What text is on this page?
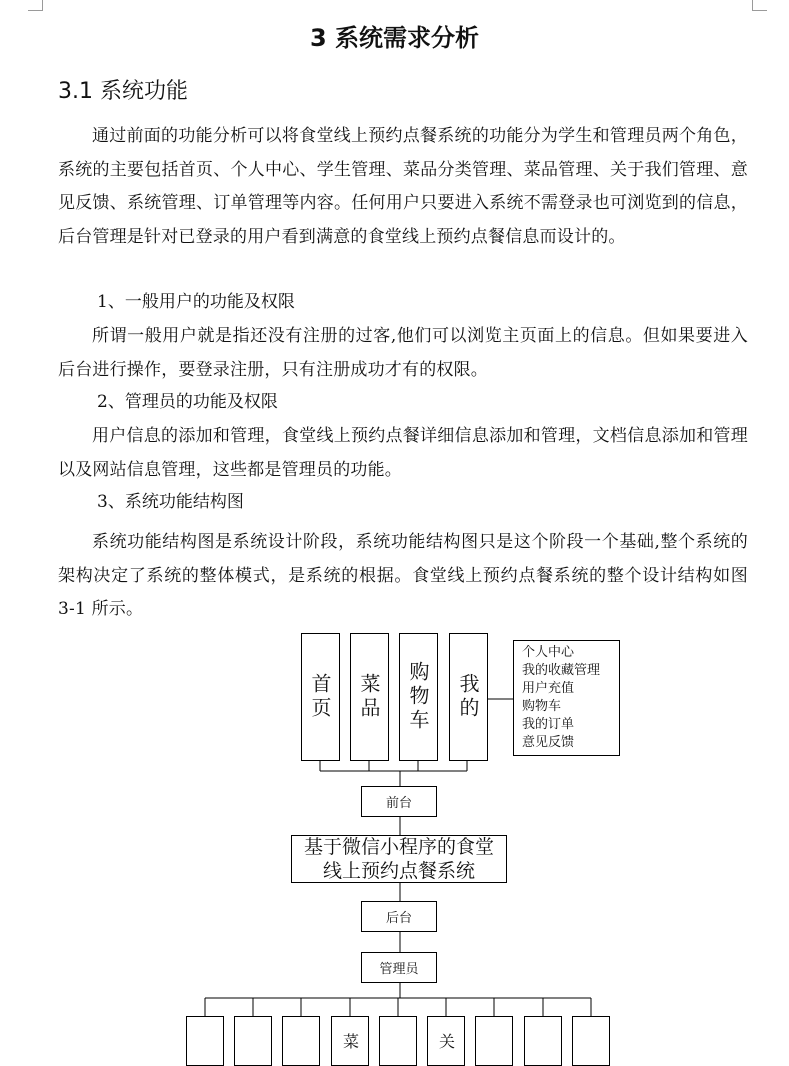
3 系统需求分析
3.1 系统功能

通过前面的功能分析可以将食堂线上预约点餐系统的功能分为学生和管理员两个角色，系统的主要包括首页、个人中心、学生管理、菜品分类管理、菜品管理、关于我们管理、意见反馈、系统管理、订单管理等内容。任何用户只要进入系统不需登录也可浏览到的信息，后台管理是针对已登录的用户看到满意的食堂线上预约点餐信息而设计的。

1、一般用户的功能及权限

所谓一般用户就是指还没有注册的过客,他们可以浏览主页面上的信息。但如果要进入后台进行操作，要登录注册，只有注册成功才有的权限。

2、管理员的功能及权限

用户信息的添加和管理，食堂线上预约点餐详细信息添加和管理，文档信息添加和管理以及网站信息管理，这些都是管理员的功能。

3、系统功能结构图

系统功能结构图是系统设计阶段，系统功能结构图只是这个阶段一个基础,整个系统的架构决定了系统的整体模式，是系统的根据。食堂线上预约点餐系统的整个设计结构如图 3-1 所示。

首页 菜品 购物车 我的
个人中心
我的收藏管理
用户充值
购物车
我的订单
意见反馈
前台
基于微信小程序的食堂
线上预约点餐系统
后台
管理员
菜	关
